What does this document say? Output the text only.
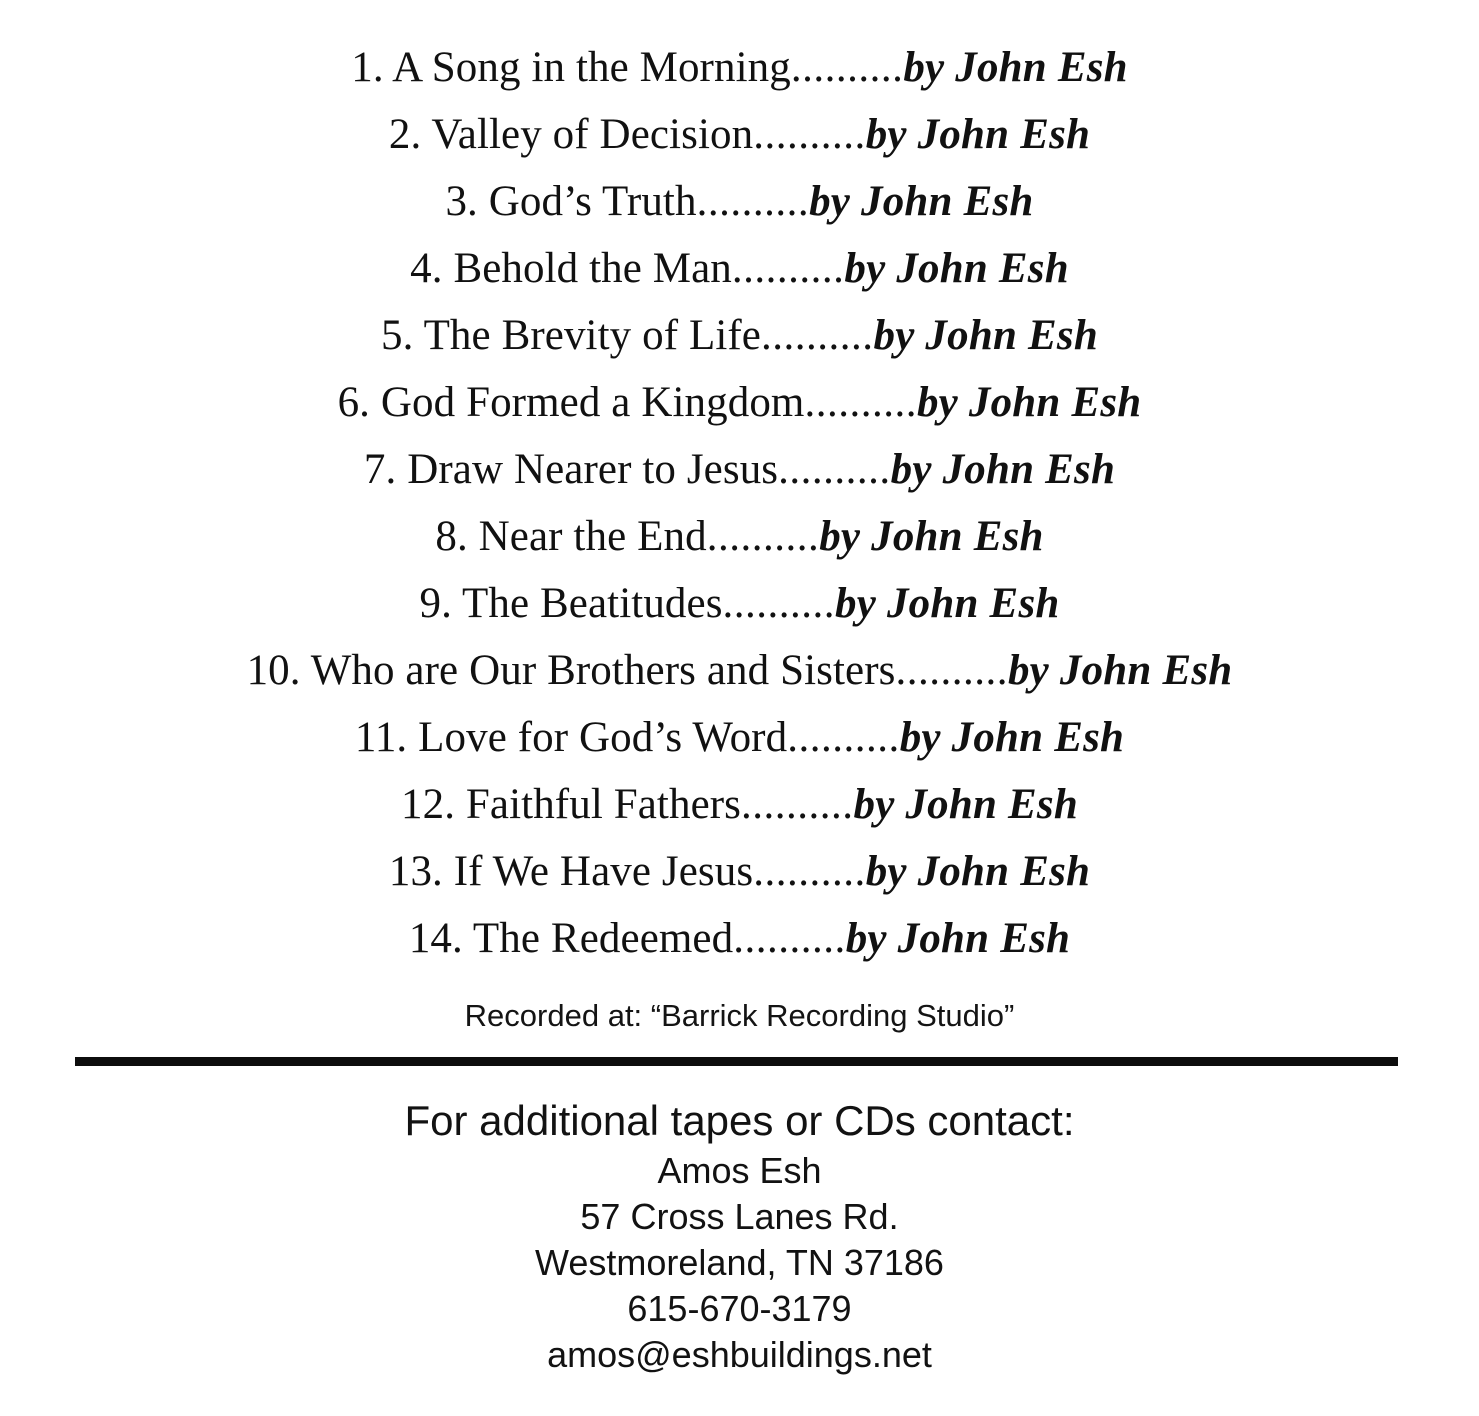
1. A Song in the Morning..........by John Esh
2. Valley of Decision..........by John Esh
3. God’s Truth..........by John Esh
4. Behold the Man..........by John Esh
5. The Brevity of Life..........by John Esh
6. God Formed a Kingdom..........by John Esh
7. Draw Nearer to Jesus..........by John Esh
8. Near the End..........by John Esh
9. The Beatitudes..........by John Esh
10. Who are Our Brothers and Sisters..........by John Esh
11. Love for God’s Word..........by John Esh
12. Faithful Fathers..........by John Esh
13. If We Have Jesus..........by John Esh
14. The Redeemed..........by John Esh
Recorded at: “Barrick Recording Studio”
For additional tapes or CDs contact:
Amos Esh
57 Cross Lanes Rd.
Westmoreland, TN 37186
615-670-3179
amos@eshbuildings.net
